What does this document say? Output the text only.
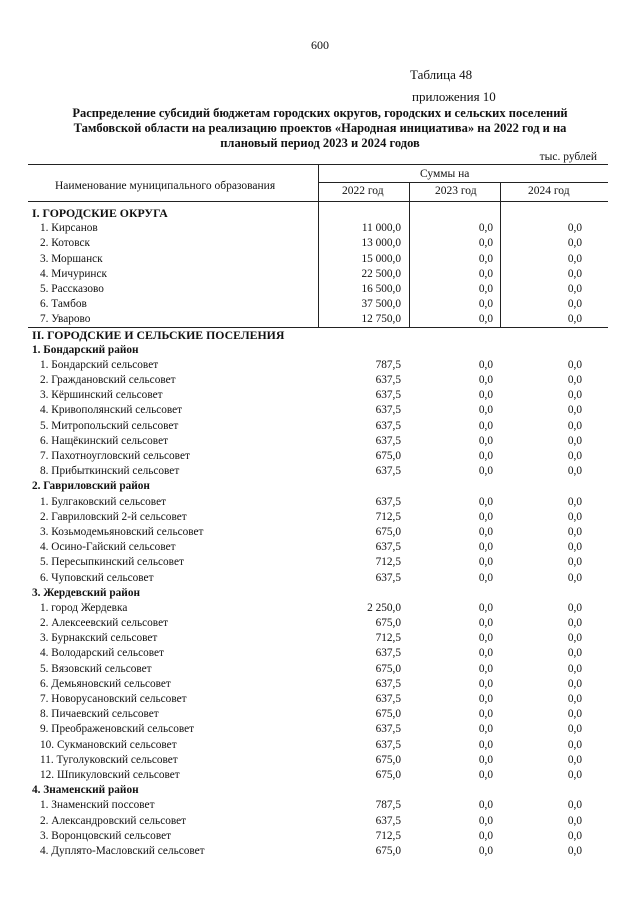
600
Таблица 48
приложения 10
Распределение субсидий бюджетам городских округов, городских и сельских поселений
Тамбовской области на реализацию проектов «Народная инициатива» на 2022 год и на
плановый период 2023 и 2024 годов
тыс. рублей
Наименование муниципального образования
Суммы на
2022 год	2023 год	2024 год
I. ГОРОДСКИЕ ОКРУГА
1. Кирсанов	11 000,0	0,0	0,0
2. Котовск	13 000,0	0,0	0,0
3. Моршанск	15 000,0	0,0	0,0
4. Мичуринск	22 500,0	0,0	0,0
5. Рассказово	16 500,0	0,0	0,0
6. Тамбов	37 500,0	0,0	0,0
7. Уварово	12 750,0	0,0	0,0
II. ГОРОДСКИЕ И СЕЛЬСКИЕ ПОСЕЛЕНИЯ
1. Бондарский район
1. Бондарский сельсовет	787,5	0,0	0,0
2. Граждановский сельсовет	637,5	0,0	0,0
3. Кёршинский сельсовет	637,5	0,0	0,0
4. Кривополянский сельсовет	637,5	0,0	0,0
5. Митропольский сельсовет	637,5	0,0	0,0
6. Нащёкинский сельсовет	637,5	0,0	0,0
7. Пахотноугловский сельсовет	675,0	0,0	0,0
8. Прибыткинский сельсовет	637,5	0,0	0,0
2. Гавриловский район
1. Булгаковский сельсовет	637,5	0,0	0,0
2. Гавриловский 2-й сельсовет	712,5	0,0	0,0
3. Козьмодемьяновский сельсовет	675,0	0,0	0,0
4. Осино-Гайский сельсовет	637,5	0,0	0,0
5. Пересыпкинский сельсовет	712,5	0,0	0,0
6. Чуповский сельсовет	637,5	0,0	0,0
3. Жердевский район
1. город Жердевка	2 250,0	0,0	0,0
2. Алексеевский сельсовет	675,0	0,0	0,0
3. Бурнакский сельсовет	712,5	0,0	0,0
4. Володарский сельсовет	637,5	0,0	0,0
5. Вязовский сельсовет	675,0	0,0	0,0
6. Демьяновский сельсовет	637,5	0,0	0,0
7. Новорусановский сельсовет	637,5	0,0	0,0
8. Пичаевский сельсовет	675,0	0,0	0,0
9. Преображеновский сельсовет	637,5	0,0	0,0
10. Сукмановский сельсовет	637,5	0,0	0,0
11. Туголуковский сельсовет	675,0	0,0	0,0
12. Шпикуловский сельсовет	675,0	0,0	0,0
4. Знаменский район
1. Знаменский поссовет	787,5	0,0	0,0
2. Александровский сельсовет	637,5	0,0	0,0
3. Воронцовский сельсовет	712,5	0,0	0,0
4. Дуплято-Масловский сельсовет	675,0	0,0	0,0
